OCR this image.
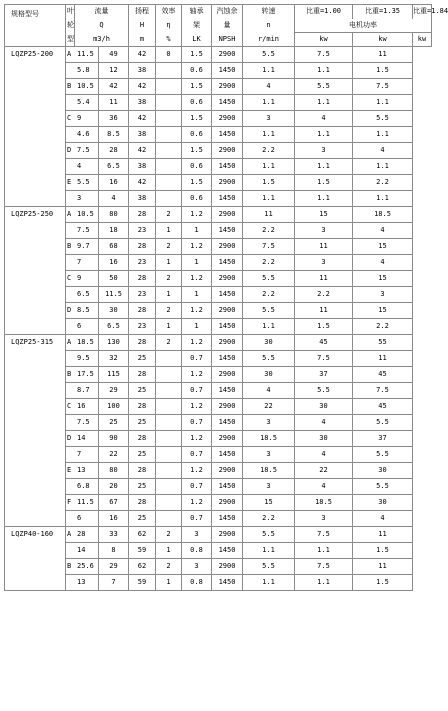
规格型号	叶	流量		扬程	效率	轴承	汽蚀余	转速	比重=1.00	比重=1.35	比重=1.84
	轮	Q		H	η	架	量	n	电机功率		
	型	m3/h		m	%	LK	NPSH	r/min	kw	kw	kw
LQZP25-200	A	11.5	49	42	0	1.5	2900	5.5	7.5	11	
		5.8	12	38		0.6	1450	1.1	1.1	1.5	
	B	10.5	42	42		1.5	2900	4	5.5	7.5	
		5.4	11	38		0.6	1450	1.1	1.1	1.1	
	C	9	36	42		1.5	2900	3	4	5.5	
		4.6	8.5	38		0.6	1450	1.1	1.1	1.1	
	D	7.5	28	42		1.5	2900	2.2	3	4	
		4	6.5	38		0.6	1450	1.1	1.1	1.1	
	E	5.5	16	42		1.5	2900	1.5	1.5	2.2	
		3	4	38		0.6	1450	1.1	1.1	1.1	
LQZP25-250	A	10.5	80	28	2	1.2	2900	11	15	18.5	
		7.5	18	23	1	1	1450	2.2	3	4	
	B	9.7	68	28	2	1.2	2900	7.5	11	15	
		7	16	23	1	1	1450	2.2	3	4	
	C	9	50	28	2	1.2	2900	5.5	11	15	
		6.5	11.5	23	1	1	1450	2.2	2.2	3	
	D	8.5	30	28	2	1.2	2900	5.5	11	15	
		6	6.5	23	1	1	1450	1.1	1.5	2.2	
LQZP25-315	A	18.5	130	28	2	1.2	2900	30	45	55	
		9.5	32	25		0.7	1450	5.5	7.5	11	
	B	17.5	115	28		1.2	2900	30	37	45	
		8.7	29	25		0.7	1450	4	5.5	7.5	
	C	16	100	28		1.2	2900	22	30	45	
		7.5	25	25		0.7	1450	3	4	5.5	
	D	14	90	28		1.2	2900	18.5	30	37	
		7	22	25		0.7	1450	3	4	5.5	
	E	13	80	28		1.2	2900	18.5	22	30	
		6.8	20	25		0.7	1450	3	4	5.5	
	F	11.5	67	28		1.2	2900	15	18.5	30	
		6	16	25		0.7	1450	2.2	3	4	
LQZP40-160	A	28	33	62	2	3	2900	5.5	7.5	11	
		14	8	59	1	0.8	1450	1.1	1.1	1.5	
	B	25.6	29	62	2	3	2900	5.5	7.5	11	
		13	7	59	1	0.8	1450	1.1	1.1	1.5	
